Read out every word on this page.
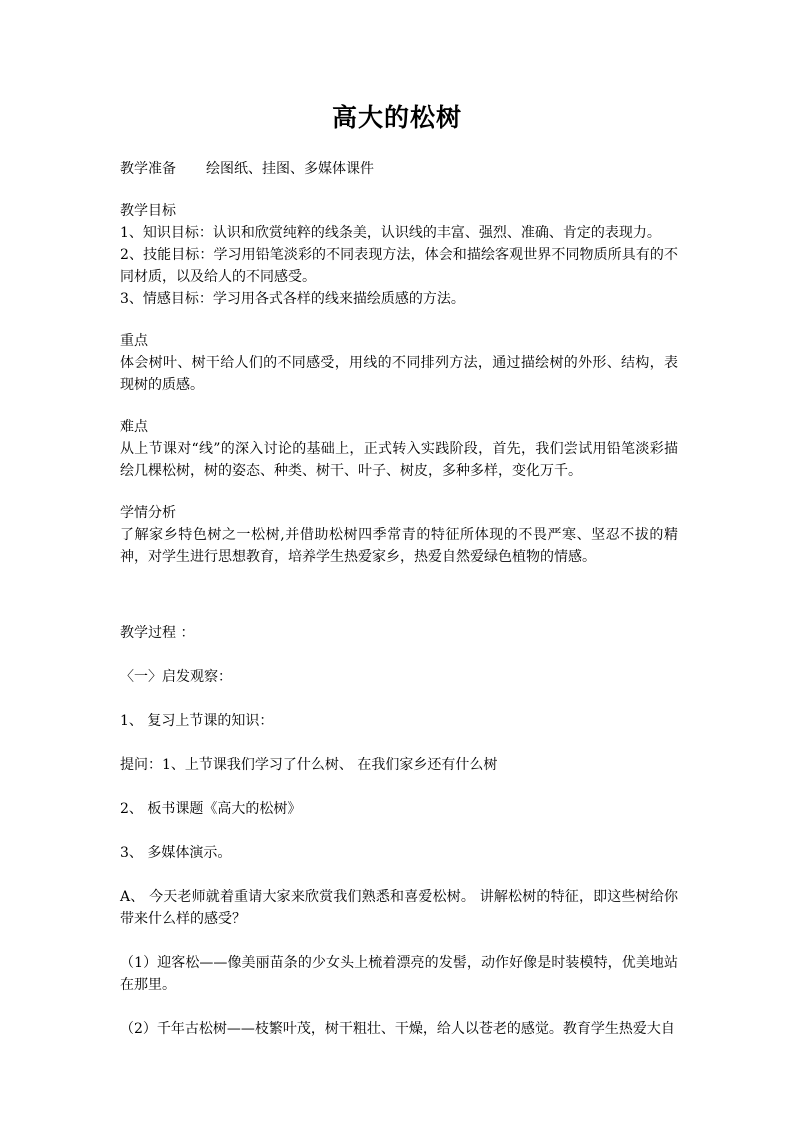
高大的松树

教学准备 绘图纸、挂图、多媒体课件

教学目标

1、知识目标：认识和欣赏纯粹的线条美，认识线的丰富、强烈、准确、肯定的表现力。

2、技能目标：学习用铅笔淡彩的不同表现方法，体会和描绘客观世界不同物质所具有的不同材质，以及给人的不同感受。

3、情感目标：学习用各式各样的线来描绘质感的方法。

重点

体会树叶、树干给人们的不同感受，用线的不同排列方法，通过描绘树的外形、结构，表现树的质感。

难点

从上节课对“线”的深入讨论的基础上，正式转入实践阶段，首先，我们尝试用铅笔淡彩描绘几棵松树，树的姿态、种类、树干、叶子、树皮，多种多样，变化万千。

学情分析

了解家乡特色树之一松树,并借助松树四季常青的特征所体现的不畏严寒、坚忍不拔的精神，对学生进行思想教育，培养学生热爱家乡，热爱自然爱绿色植物的情感。

教学过程 ：

〈一〉启发观察：

1、 复习上节课的知识：

提问：1、上节课我们学习了什么树、 在我们家乡还有什么树

2、 板书课题《高大的松树》

3、 多媒体演示。

A、 今天老师就着重请大家来欣赏我们熟悉和喜爱松树。 讲解松树的特征，即这些树给你带来什么样的感受？

（1）迎客松——像美丽苗条的少女头上梳着漂亮的发髻，动作好像是时装模特，优美地站在那里。

（2）千年古松树——枝繁叶茂，树干粗壮、干燥，给人以苍老的感觉。教育学生热爱大自
